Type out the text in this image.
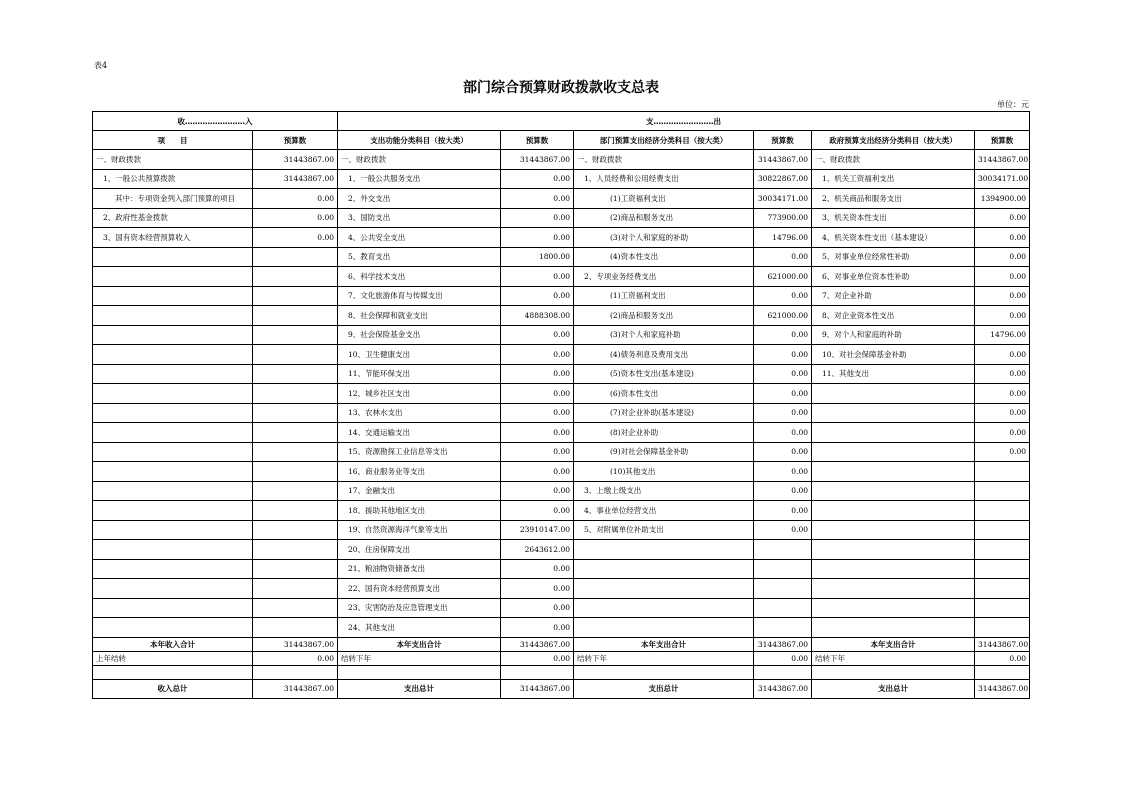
表4
部门综合预算财政拨款收支总表
单位：元
收……………………入		支……………………出					
项　　目	预算数	支出功能分类科目（按大类）	预算数	部门预算支出经济分类科目（按大类）	预算数	政府预算支出经济分类科目（按大类）	预算数
一、财政拨款	31443867.00	一、财政拨款	31443867.00	一、财政拨款	31443867.00	一、财政拨款	31443867.00
1、一般公共预算拨款	31443867.00	1、一般公共服务支出	0.00	1、人员经费和公用经费支出	30822867.00	1、机关工资福利支出	30034171.00
其中：专项资金列入部门预算的项目	0.00	2、外交支出	0.00	(1)工资福利支出	30034171.00	2、机关商品和服务支出	1394900.00
2、政府性基金拨款	0.00	3、国防支出	0.00	(2)商品和服务支出	773900.00	3、机关资本性支出	0.00
3、国有资本经营预算收入	0.00	4、公共安全支出	0.00	(3)对个人和家庭的补助	14796.00	4、机关资本性支出（基本建设）	0.00
		5、教育支出	1800.00	(4)资本性支出	0.00	5、对事业单位经常性补助	0.00
		6、科学技术支出	0.00	2、专项业务经费支出	621000.00	6、对事业单位资本性补助	0.00
		7、文化旅游体育与传媒支出	0.00	(1)工资福利支出	0.00	7、对企业补助	0.00
		8、社会保障和就业支出	4888308.00	(2)商品和服务支出	621000.00	8、对企业资本性支出	0.00
		9、社会保险基金支出	0.00	(3)对个人和家庭补助	0.00	9、对个人和家庭的补助	14796.00
		10、卫生健康支出	0.00	(4)债务利息及费用支出	0.00	10、对社会保障基金补助	0.00
		11、节能环保支出	0.00	(5)资本性支出(基本建设)	0.00	11、其他支出	0.00
		12、城乡社区支出	0.00	(6)资本性支出	0.00		0.00
		13、农林水支出	0.00	(7)对企业补助(基本建设)	0.00		0.00
		14、交通运输支出	0.00	(8)对企业补助	0.00		0.00
		15、资源勘探工业信息等支出	0.00	(9)对社会保障基金补助	0.00		0.00
		16、商业服务业等支出	0.00	(10)其他支出	0.00		
		17、金融支出	0.00	3、上缴上级支出	0.00		
		18、援助其他地区支出	0.00	4、事业单位经营支出	0.00		
		19、自然资源海洋气象等支出	23910147.00	5、对附属单位补助支出	0.00		
		20、住房保障支出	2643612.00				
		21、粮油物资储备支出	0.00				
		22、国有资本经营预算支出	0.00				
		23、灾害防治及应急管理支出	0.00				
		24、其他支出	0.00				
本年收入合计	31443867.00	本年支出合计	31443867.00	本年支出合计	31443867.00	本年支出合计	31443867.00
上年结转	0.00	结转下年	0.00	结转下年	0.00	结转下年	0.00

收入总计	31443867.00	支出总计	31443867.00	支出总计	31443867.00	支出总计	31443867.00
